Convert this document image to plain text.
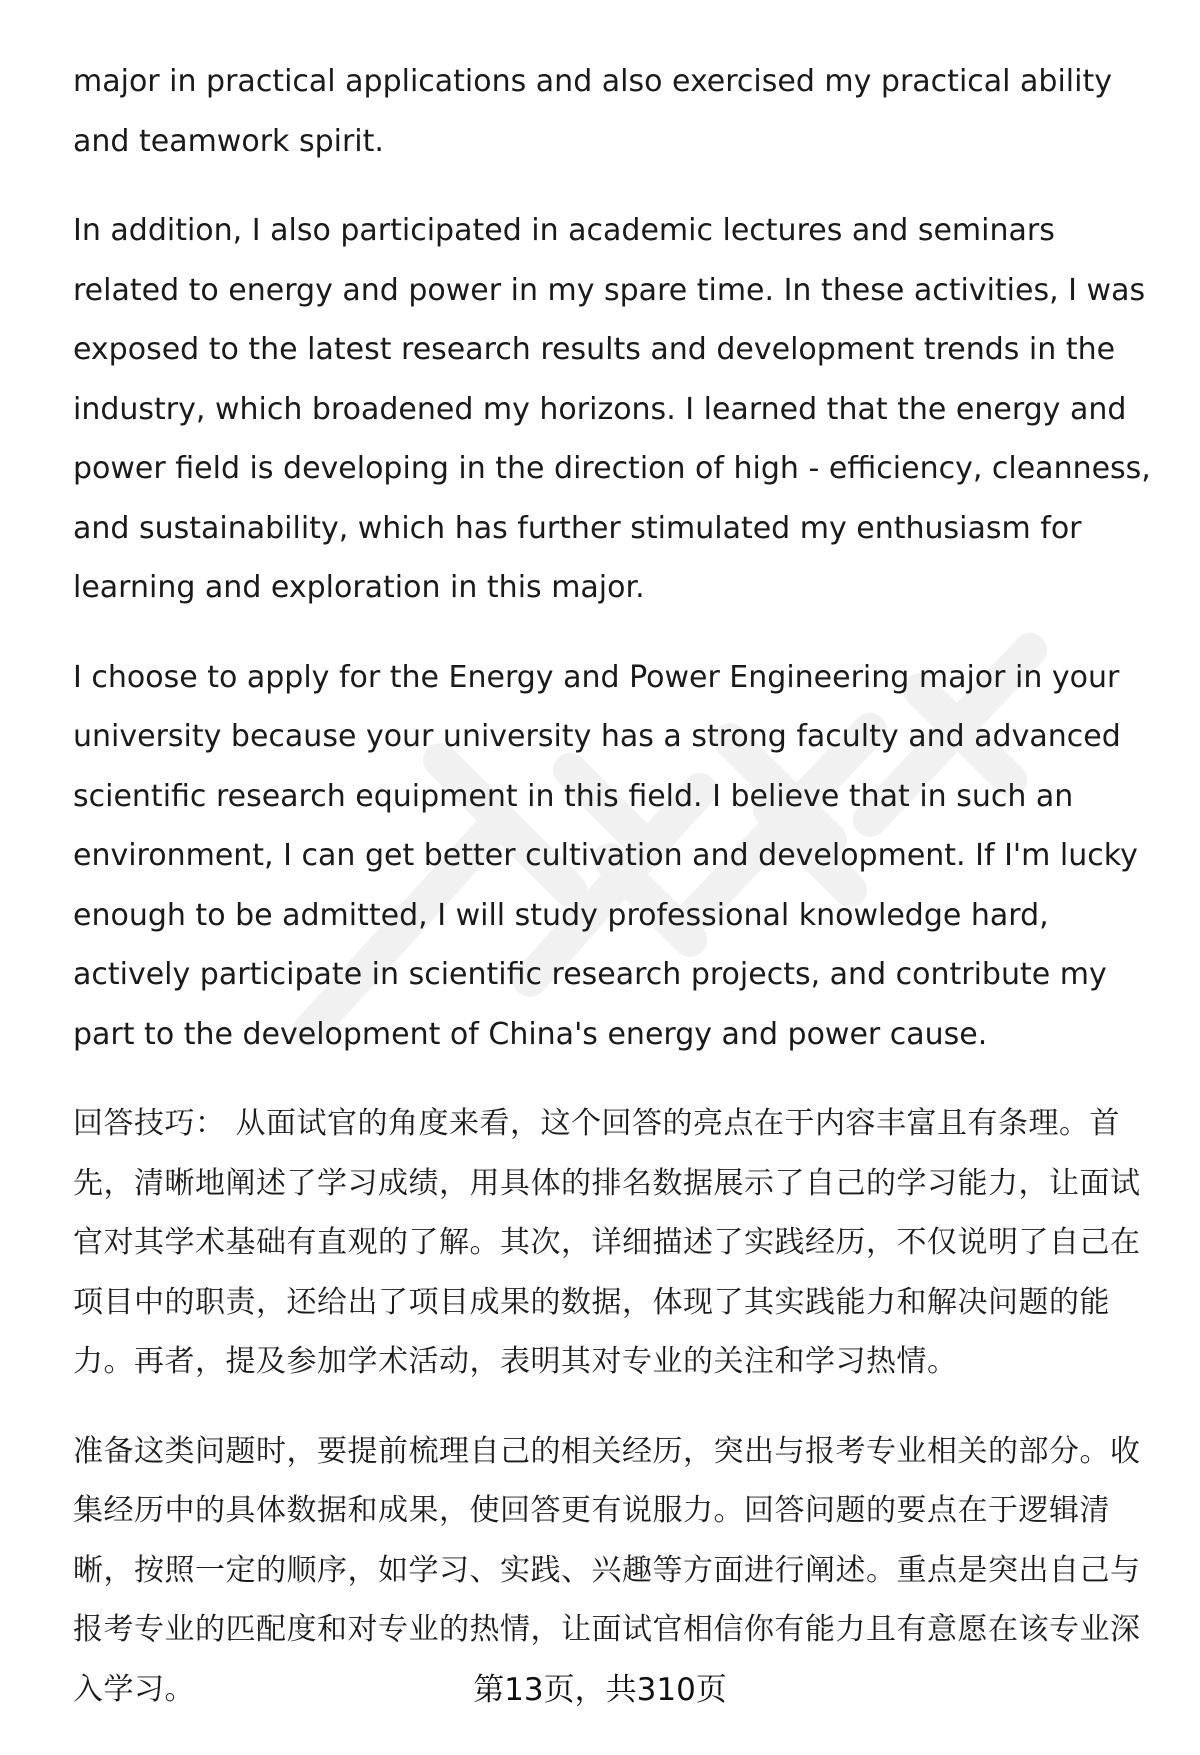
major in practical applications and also exercised my practical ability and teamwork spirit.

In addition, I also participated in academic lectures and seminars related to energy and power in my spare time. In these activities, I was exposed to the latest research results and development trends in the industry, which broadened my horizons. I learned that the energy and power field is developing in the direction of high - efficiency, cleanness, and sustainability, which has further stimulated my enthusiasm for learning and exploration in this major.

I choose to apply for the Energy and Power Engineering major in your university because your university has a strong faculty and advanced scientific research equipment in this field. I believe that in such an environment, I can get better cultivation and development. If I'm lucky enough to be admitted, I will study professional knowledge hard, actively participate in scientific research projects, and contribute my part to the development of China's energy and power cause.

回答技巧： 从面试官的角度来看，这个回答的亮点在于内容丰富且有条理。首先，清晰地阐述了学习成绩，用具体的排名数据展示了自己的学习能力，让面试官对其学术基础有直观的了解。其次，详细描述了实践经历，不仅说明了自己在项目中的职责，还给出了项目成果的数据，体现了其实践能力和解决问题的能力。再者，提及参加学术活动，表明其对专业的关注和学习热情。

准备这类问题时，要提前梳理自己的相关经历，突出与报考专业相关的部分。收集经历中的具体数据和成果，使回答更有说服力。回答问题的要点在于逻辑清晰，按照一定的顺序，如学习、实践、兴趣等方面进行阐述。重点是突出自己与报考专业的匹配度和对专业的热情，让面试官相信你有能力且有意愿在该专业深入学习。	第13页，共310页
